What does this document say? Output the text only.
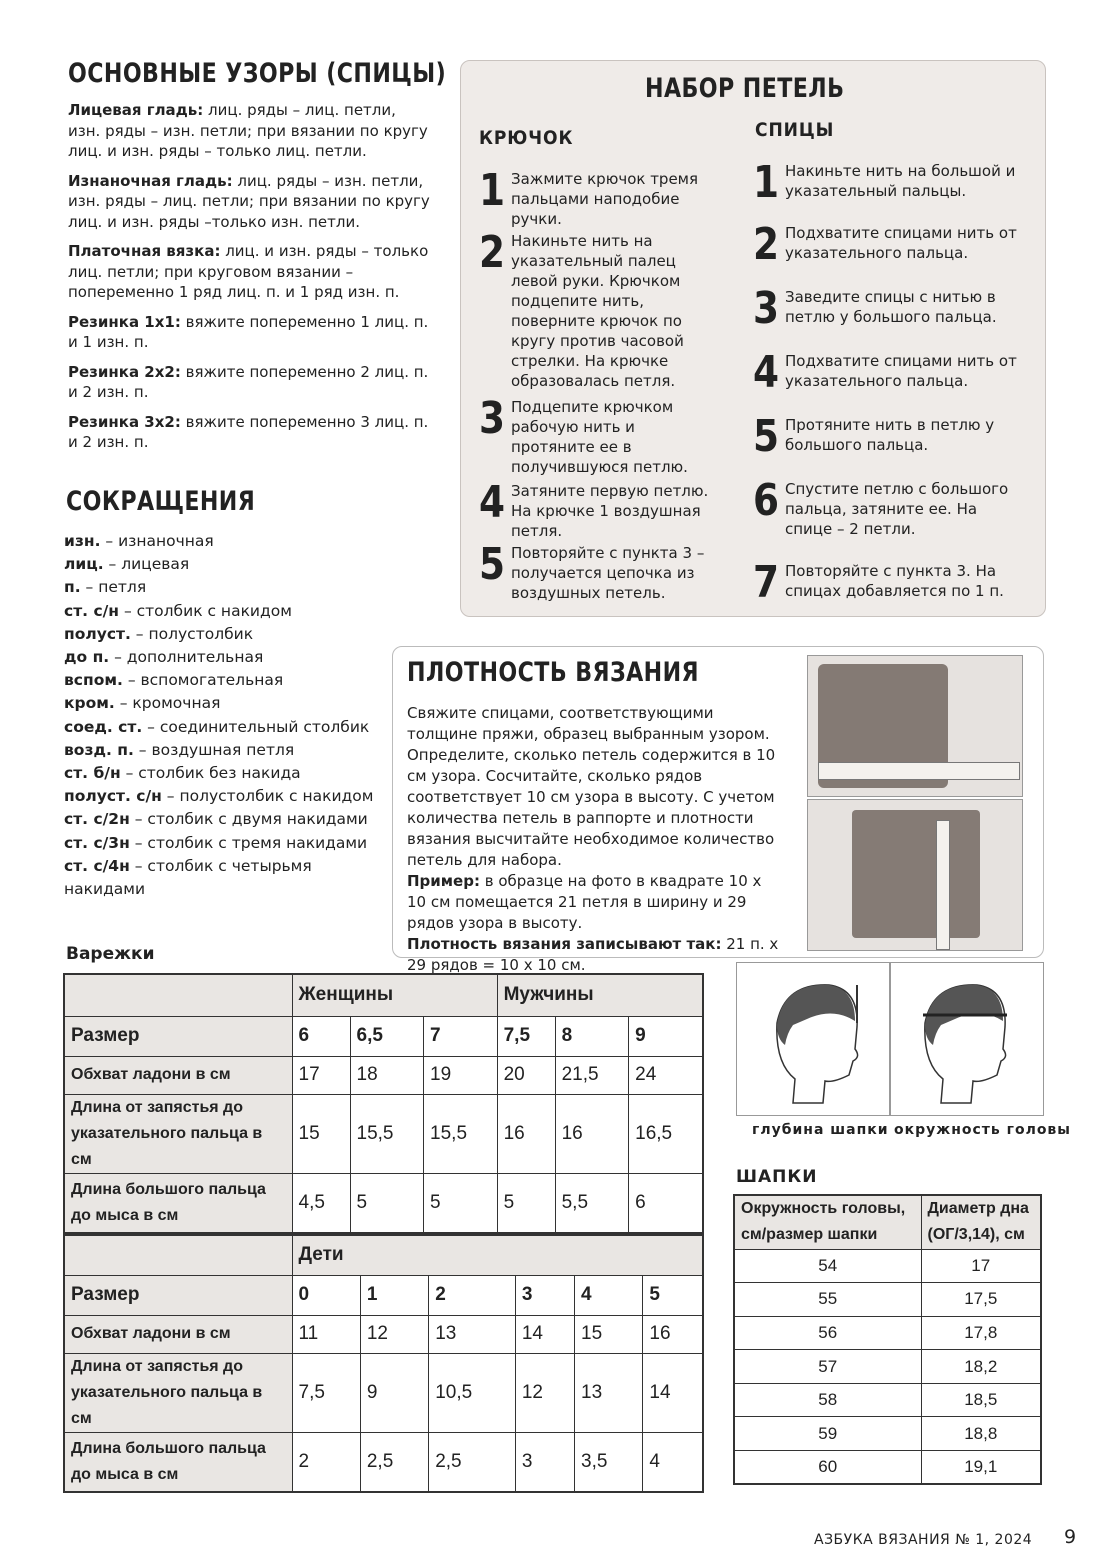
ОСНОВНЫЕ УЗОРЫ (СПИЦЫ)

Лицевая гладь: лиц. ряды – лиц. петли, изн. ряды – изн. петли; при вязании по кругу лиц. и изн. ряды – только лиц. петли.

Изнаночная гладь: лиц. ряды – изн. петли, изн. ряды – лиц. петли; при вязании по кругу лиц. и изн. ряды –только изн. петли.

Платочная вязка: лиц. и изн. ряды – только лиц. петли; при круговом вязании – попеременно 1 ряд лиц. п. и 1 ряд изн. п.

Резинка 1х1: вяжите попеременно 1 лиц. п. и 1 изн. п.

Резинка 2х2: вяжите попеременно 2 лиц. п. и 2 изн. п.

Резинка 3х2: вяжите попеременно 3 лиц. п. и 2 изн. п.

СОКРАЩЕНИЯ
изн. – изнаночная
лиц. – лицевая
п. – петля
ст. с/н – столбик с накидом
полуст. – полустолбик
до п. – дополнительная
вспом. – вспомогательная
кром. – кромочная
соед. ст. – соединительный столбик
возд. п. – воздушная петля
ст. б/н – столбик без накида
полуст. с/н – полустолбик с накидом
ст. с/2н – столбик с двумя накидами
ст. с/3н – столбик с тремя накидами
ст. с/4н – столбик с четырьмя накидами
НАБОР ПЕТЕЛЬ
КРЮЧОК	СПИЦЫ
1 Зажмите крючок тремя пальцами наподобие ручки.
2 Накиньте нить на указательный палец левой руки. Крючком подцепите нить, поверните крючок по кругу против часовой стрелки. На крючке образовалась петля.
3 Подцепите крючком рабочую нить и протяните ее в получившуюся петлю.
4 Затяните первую петлю. На крючке 1 воздушная петля.
5 Повторяйте с пункта 3 – получается цепочка из воздушных петель.
1 Накиньте нить на большой и указательный пальцы.
2 Подхватите спицами нить от указательного пальца.
3 Заведите спицы с нитью в петлю у большого пальца.
4 Подхватите спицами нить от указательного пальца.
5 Протяните нить в петлю у большого пальца.
6 Спустите петлю с большого пальца, затяните ее. На спице – 2 петли.
7 Повторяйте с пункта 3. На спицах добавляется по 1 п.
ПЛОТНОСТЬ ВЯЗАНИЯ
Свяжите спицами, соответствующими толщине пряжи, образец выбранным узором. Определите, сколько петель содержится в 10 см узора. Сосчитайте, сколько рядов соответствует 10 см узора в высоту. С учетом количества петель в раппорте и плотности вязания высчитайте необходимое количество петель для набора.
Пример: в образце на фото в квадрате 10 х 10 см помещается 21 петля в ширину и 29 рядов узора в высоту.
Плотность вязания записывают так: 21 п. х 29 рядов = 10 х 10 см.
Варежки
	Женщины			Мужчины		
Размер	6	6,5	7	7,5	8	9
Обхват ладони в см	17	18	19	20	21,5	24
Длина от запястья до указательного пальца в см	15	15,5	15,5	16	16	16,5
Длина большого пальца до мыса в см	4,5	5	5	5	5,5	6
	Дети					
Размер	0	1	2	3	4	5
Обхват ладони в см	11	12	13	14	15	16
Длина от запястья до указательного пальца в см	7,5	9	10,5	12	13	14
Длина большого пальца до мыса в см	2	2,5	2,5	3	3,5	4
глубина шапки окружность головы
ШАПКИ
Окружность головы, см/размер шапки	Диаметр дна (ОГ/3,14), см
54	17
55	17,5
56	17,8
57	18,2
58	18,5
59	18,8
60	19,1
АЗБУКА ВЯЗАНИЯ № 1, 2024 9
